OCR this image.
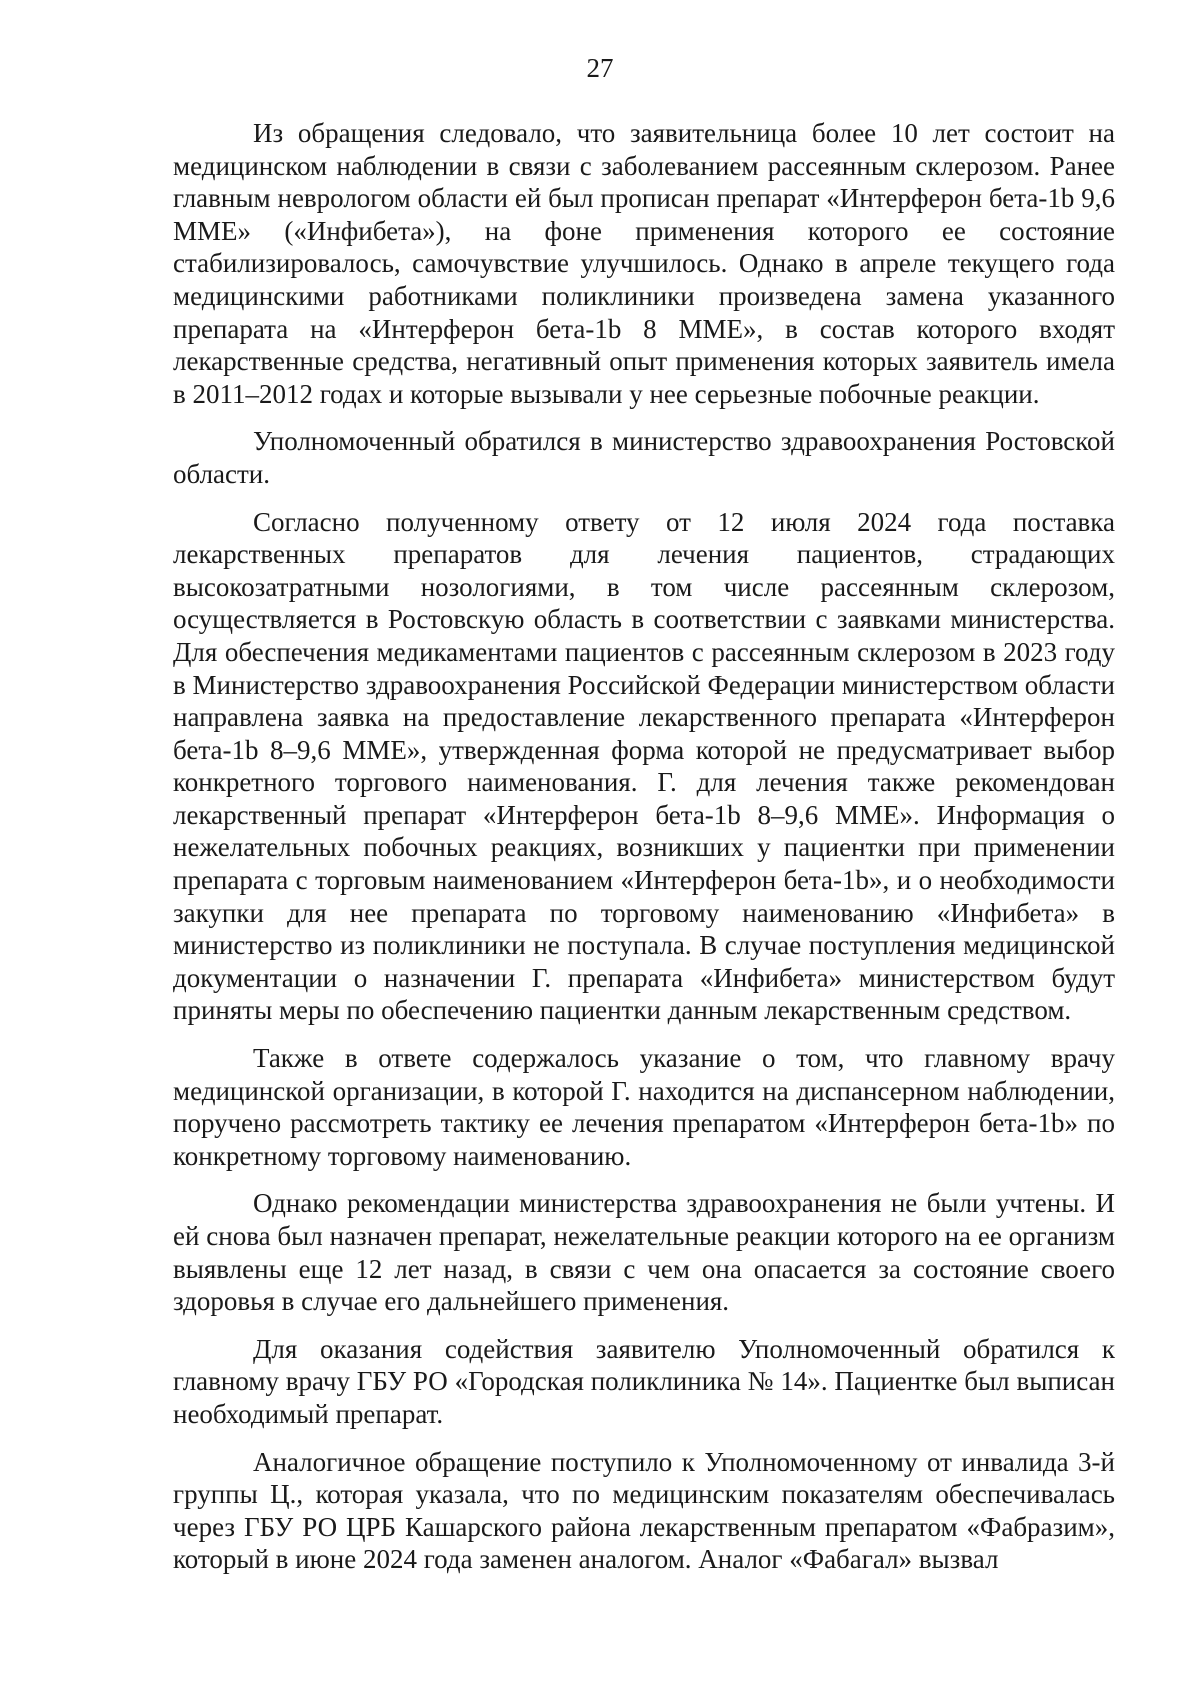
27

Из обращения следовало, что заявительница более 10 лет состоит на медицинском наблюдении в связи с заболеванием рассеянным склерозом. Ранее главным неврологом области ей был прописан препарат «Интерферон бета-1b 9,6 ММЕ» («Инфибета»), на фоне применения которого ее состояние стабилизировалось, самочувствие улучшилось. Однако в апреле текущего года медицинскими работниками поликлиники произведена замена указанного препарата на «Интерферон бета-1b 8 ММЕ», в состав которого входят лекарственные средства, негативный опыт применения которых заявитель имела в 2011–2012 годах и которые вызывали у нее серьезные побочные реакции.

Уполномоченный обратился в министерство здравоохранения Ростовской области.

Согласно полученному ответу от 12 июля 2024 года поставка лекарственных препаратов для лечения пациентов, страдающих высокозатратными нозологиями, в том числе рассеянным склерозом, осуществляется в Ростовскую область в соответствии с заявками министерства. Для обеспечения медикаментами пациентов с рассеянным склерозом в 2023 году в Министерство здравоохранения Российской Федерации министерством области направлена заявка на предоставление лекарственного препарата «Интерферон бета-1b 8–9,6 ММЕ», утвержденная форма которой не предусматривает выбор конкретного торгового наименования. Г. для лечения также рекомендован лекарственный препарат «Интерферон бета-1b 8–9,6 ММЕ». Информация о нежелательных побочных реакциях, возникших у пациентки при применении препарата с торговым наименованием «Интерферон бета-1b», и о необходимости закупки для нее препарата по торговому наименованию «Инфибета» в министерство из поликлиники не поступала. В случае поступления медицинской документации о назначении Г. препарата «Инфибета» министерством будут приняты меры по обеспечению пациентки данным лекарственным средством.

Также в ответе содержалось указание о том, что главному врачу медицинской организации, в которой Г. находится на диспансерном наблюдении, поручено рассмотреть тактику ее лечения препаратом «Интерферон бета-1b» по конкретному торговому наименованию.

Однако рекомендации министерства здравоохранения не были учтены. И ей снова был назначен препарат, нежелательные реакции которого на ее организм выявлены еще 12 лет назад, в связи с чем она опасается за состояние своего здоровья в случае его дальнейшего применения.

Для оказания содействия заявителю Уполномоченный обратился к главному врачу ГБУ РО «Городская поликлиника № 14». Пациентке был выписан необходимый препарат.

Аналогичное обращение поступило к Уполномоченному от инвалида 3-й группы Ц., которая указала, что по медицинским показателям обеспечивалась через ГБУ РО ЦРБ Кашарского района лекарственным препаратом «Фабразим», который в июне 2024 года заменен аналогом. Аналог «Фабагал» вызвал
